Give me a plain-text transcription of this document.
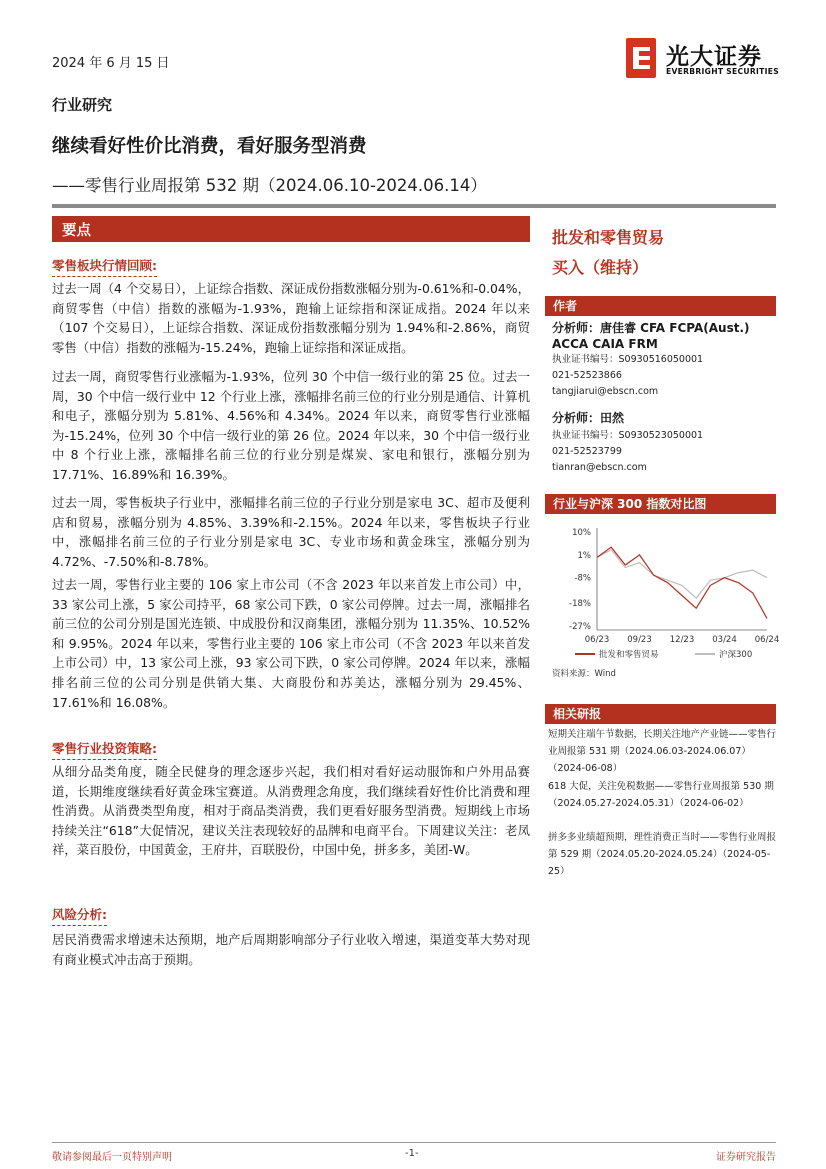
2024 年 6 月 15 日	光大证券
EVERBRIGHT SECURITIES
行业研究
继续看好性价比消费，看好服务型消费
——零售行业周报第 532 期（2024.06.10-2024.06.14）
要点
零售板块行情回顾:
过去一周（4 个交易日），上证综合指数、深证成份指数涨幅分别为-0.61%和-0.04%，商贸零售（中信）指数的涨幅为-1.93%，跑输上证综指和深证成指。2024 年以来（107 个交易日），上证综合指数、深证成份指数涨幅分别为 1.94%和-2.86%，商贸零售（中信）指数的涨幅为-15.24%，跑输上证综指和深证成指。
过去一周，商贸零售行业涨幅为-1.93%，位列 30 个中信一级行业的第 25 位。过去一周，30 个中信一级行业中 12 个行业上涨，涨幅排名前三位的行业分别是通信、计算机和电子，涨幅分别为 5.81%、4.56%和 4.34%。2024 年以来，商贸零售行业涨幅为-15.24%，位列 30 个中信一级行业的第 26 位。2024 年以来，30 个中信一级行业中 8 个行业上涨，涨幅排名前三位的行业分别是煤炭、家电和银行，涨幅分别为 17.71%、16.89%和 16.39%。
过去一周，零售板块子行业中，涨幅排名前三位的子行业分别是家电 3C、超市及便利店和贸易，涨幅分别为 4.85%、3.39%和-2.15%。2024 年以来，零售板块子行业中，涨幅排名前三位的子行业分别是家电 3C、专业市场和黄金珠宝，涨幅分别为 4.72%、-7.50%和-8.78%。
过去一周，零售行业主要的 106 家上市公司（不含 2023 年以来首发上市公司）中，33 家公司上涨，5 家公司持平，68 家公司下跌，0 家公司停牌。过去一周，涨幅排名前三位的公司分别是国光连锁、中成股份和汉商集团，涨幅分别为 11.35%、10.52%和 9.95%。2024 年以来，零售行业主要的 106 家上市公司（不含 2023 年以来首发上市公司）中，13 家公司上涨，93 家公司下跌，0 家公司停牌。2024 年以来，涨幅排名前三位的公司分别是供销大集、大商股份和苏美达，涨幅分别为 29.45%、17.61%和 16.08%。
零售行业投资策略:
从细分品类角度，随全民健身的理念逐步兴起，我们相对看好运动服饰和户外用品赛道，长期维度继续看好黄金珠宝赛道。从消费理念角度，我们继续看好性价比消费和理性消费。从消费类型角度，相对于商品类消费，我们更看好服务型消费。短期线上市场持续关注“618”大促情况，建议关注表现较好的品牌和电商平台。下周建议关注：老凤祥，菜百股份，中国黄金，王府井，百联股份，中国中免，拼多多，美团-W。
风险分析:
居民消费需求增速未达预期，地产后周期影响部分子行业收入增速，渠道变革大势对现有商业模式冲击高于预期。
批发和零售贸易
买入（维持）
作者
分析师：唐佳睿 CFA FCPA(Aust.) ACCA CAIA FRM
执业证书编号：S0930516050001
021-52523866
tangjiarui@ebscn.com
分析师：田然
执业证书编号：S0930523050001
021-52523799
tianran@ebscn.com
行业与沪深 300 指数对比图
10%
1%
-8%
-18%
-27%
06/23 09/23 12/23 03/24 06/24
批发和零售贸易	沪深300
资料来源：Wind
相关研报
短期关注端午节数据，长期关注地产产业链——零售行业周报第 531 期（2024.06.03-2024.06.07）（2024-06-08）
618 大促，关注免税数据——零售行业周报第 530 期（2024.05.27-2024.05.31）（2024-06-02）
拼多多业绩超预期，理性消费正当时——零售行业周报第 529 期（2024.05.20-2024.05.24）（2024-05-25）
敬请参阅最后一页特别声明	-1-	证券研究报告
